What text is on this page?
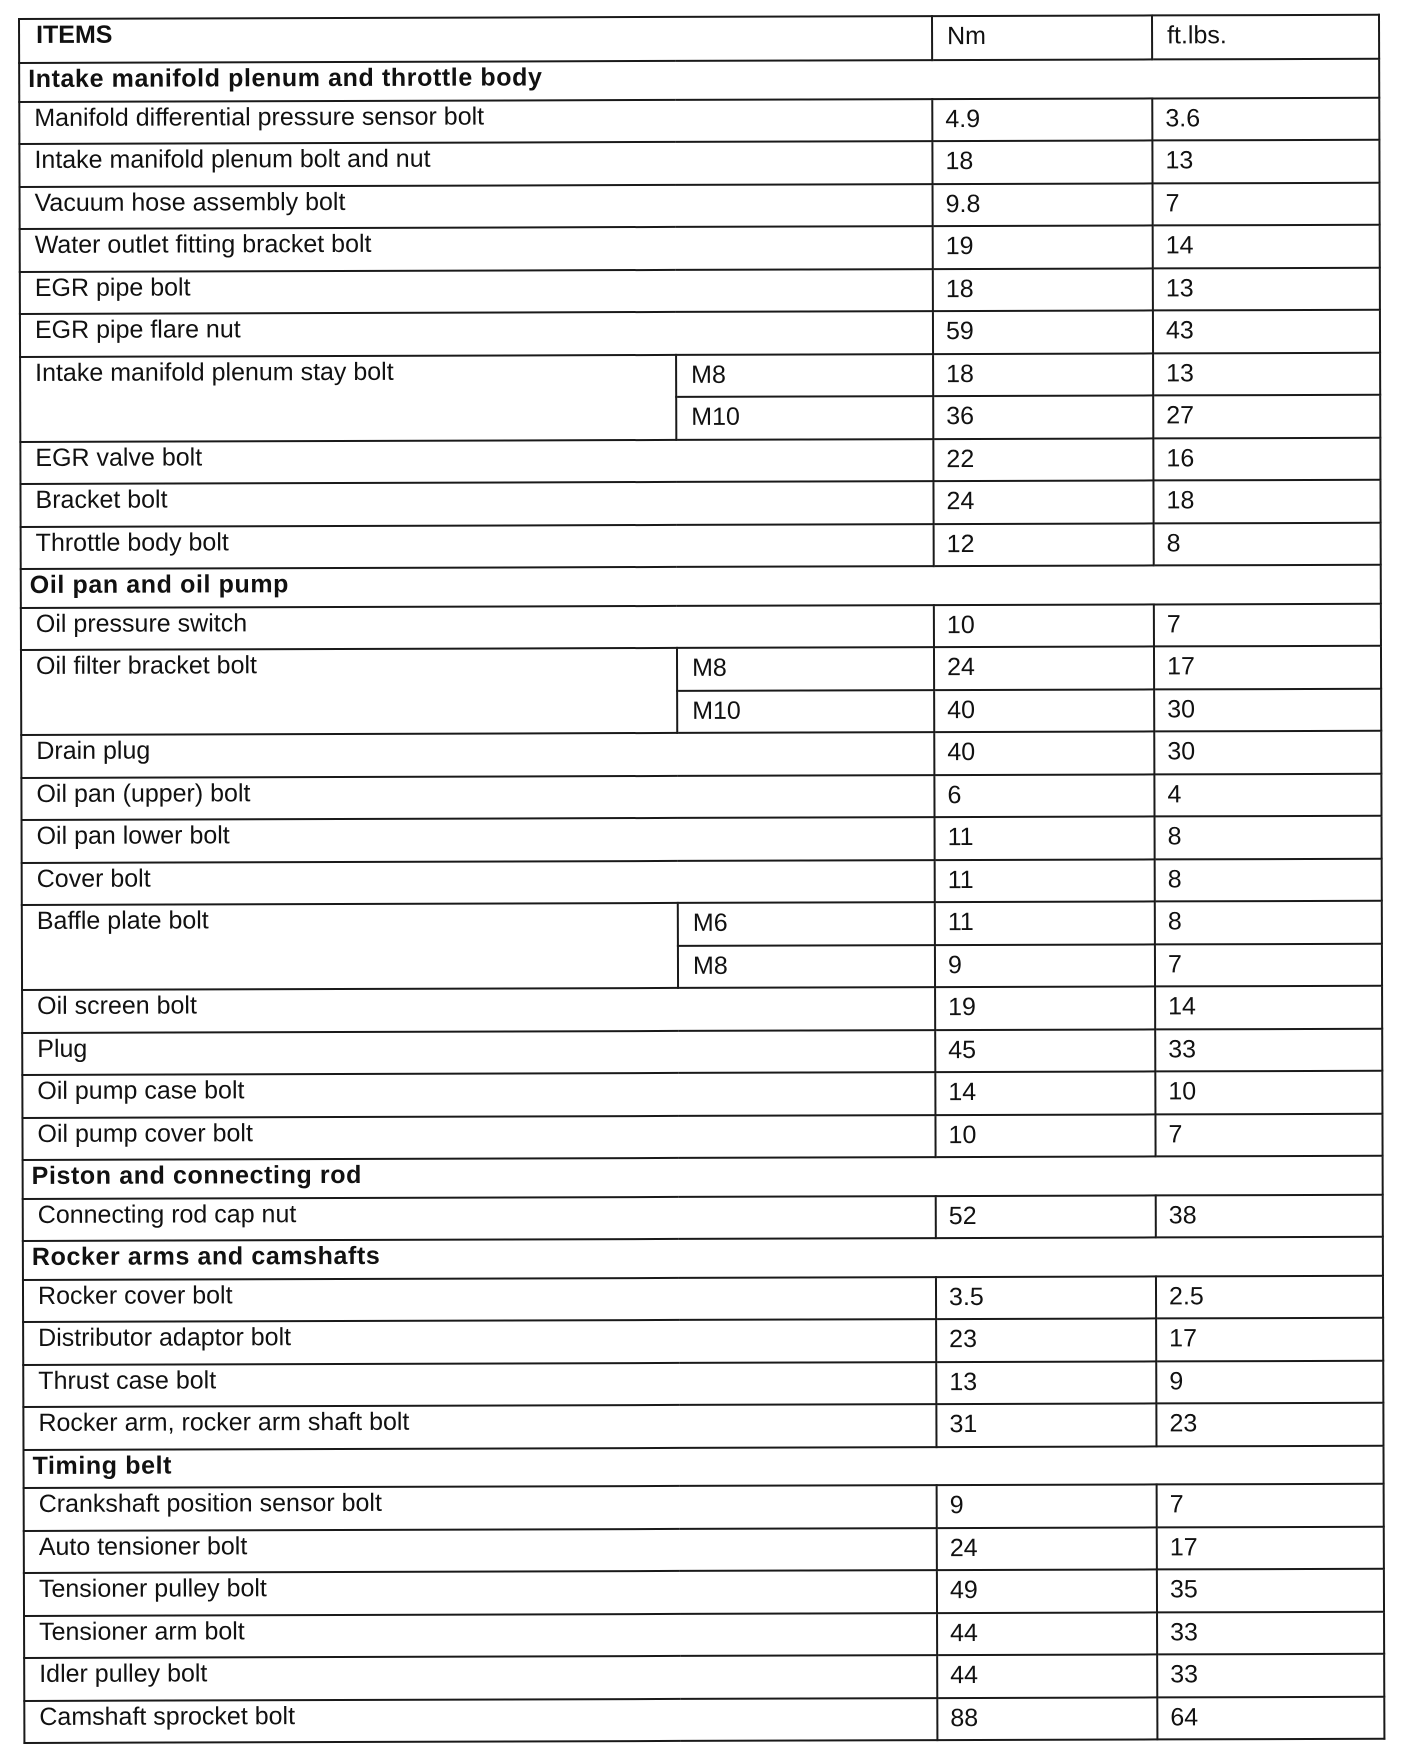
ITEMS		Nm	ft.lbs.
Intake manifold plenum and throttle body			
Manifold differential pressure sensor bolt		4.9	3.6
Intake manifold plenum bolt and nut		18	13
Vacuum hose assembly bolt		9.8	7
Water outlet fitting bracket bolt		19	14
EGR pipe bolt		18	13
EGR pipe flare nut		59	43
Intake manifold plenum stay bolt	M8	18	13
	M10	36	27
EGR valve bolt		22	16
Bracket bolt		24	18
Throttle body bolt		12	8
Oil pan and oil pump			
Oil pressure switch		10	7
Oil filter bracket bolt	M8	24	17
	M10	40	30
Drain plug		40	30
Oil pan (upper) bolt		6	4
Oil pan lower bolt		11	8
Cover bolt		11	8
Baffle plate bolt	M6	11	8
	M8	9	7
Oil screen bolt		19	14
Plug		45	33
Oil pump case bolt		14	10
Oil pump cover bolt		10	7
Piston and connecting rod			
Connecting rod cap nut		52	38
Rocker arms and camshafts			
Rocker cover bolt		3.5	2.5
Distributor adaptor bolt		23	17
Thrust case bolt		13	9
Rocker arm, rocker arm shaft bolt		31	23
Timing belt			
Crankshaft position sensor bolt		9	7
Auto tensioner bolt		24	17
Tensioner pulley bolt		49	35
Tensioner arm bolt		44	33
Idler pulley bolt		44	33
Camshaft sprocket bolt		88	64
